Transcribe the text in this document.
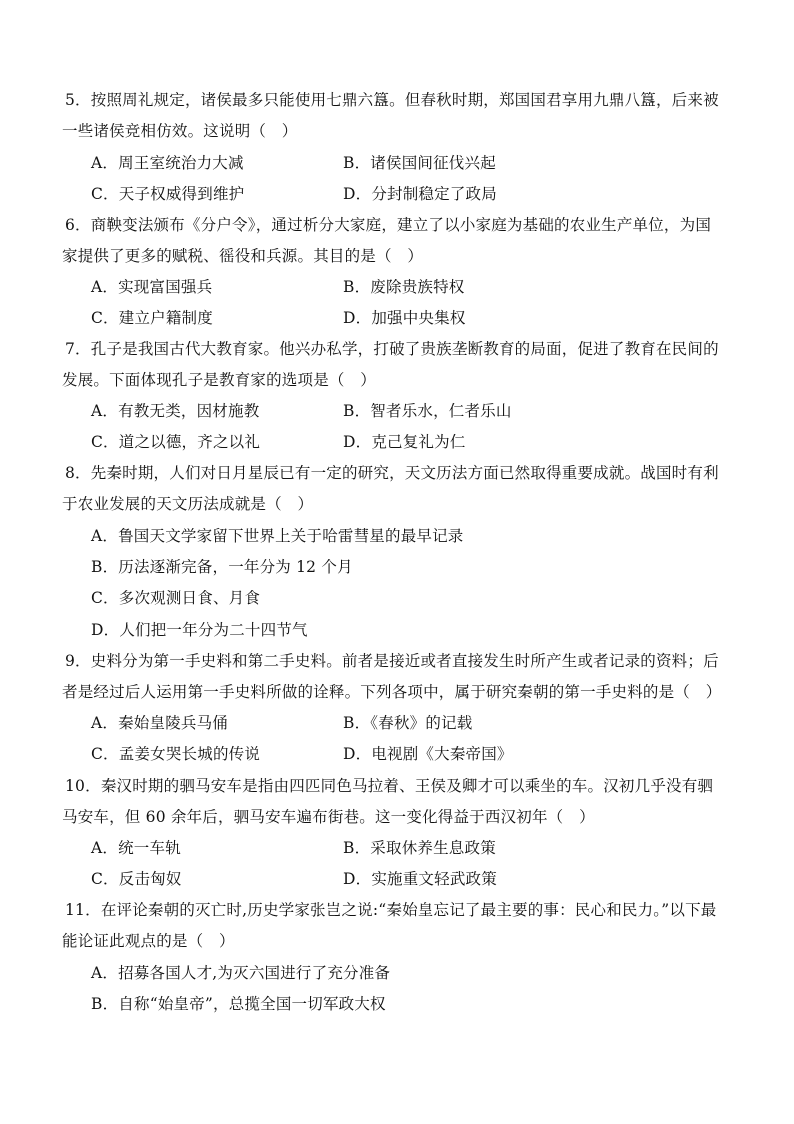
5．按照周礼规定，诸侯最多只能使用七鼎六簋。但春秋时期，郑国国君享用九鼎八簋，后来被
一些诸侯竞相仿效。这说明（　）
A．周王室统治力大减	B．诸侯国间征伐兴起
C．天子权威得到维护	D．分封制稳定了政局
6．商鞅变法颁布《分户令》，通过析分大家庭，建立了以小家庭为基础的农业生产单位，为国
家提供了更多的赋税、徭役和兵源。其目的是（　）
A．实现富国强兵	B．废除贵族特权
C．建立户籍制度	D．加强中央集权
7．孔子是我国古代大教育家。他兴办私学，打破了贵族垄断教育的局面，促进了教育在民间的
发展。下面体现孔子是教育家的选项是（　）
A．有教无类，因材施教	B．智者乐水，仁者乐山
C．道之以德，齐之以礼	D．克己复礼为仁
8．先秦时期，人们对日月星辰已有一定的研究，天文历法方面已然取得重要成就。战国时有利
于农业发展的天文历法成就是（　）
A．鲁国天文学家留下世界上关于哈雷彗星的最早记录
B．历法逐渐完备，一年分为 12 个月
C．多次观测日食、月食
D．人们把一年分为二十四节气
9．史料分为第一手史料和第二手史料。前者是接近或者直接发生时所产生或者记录的资料；后
者是经过后人运用第一手史料所做的诠释。下列各项中，属于研究秦朝的第一手史料的是（　）
A．秦始皇陵兵马俑	B．《春秋》的记载
C．孟姜女哭长城的传说	D．电视剧《大秦帝国》
10．秦汉时期的驷马安车是指由四匹同色马拉着、王侯及卿才可以乘坐的车。汉初几乎没有驷
马安车，但 60 余年后，驷马安车遍布街巷。这一变化得益于西汉初年（　）
A．统一车轨	B．采取休养生息政策
C．反击匈奴	D．实施重文轻武政策
11．在评论秦朝的灭亡时,历史学家张岂之说:“秦始皇忘记了最主要的事：民心和民力。”以下最
能论证此观点的是（　）
A．招募各国人才,为灭六国进行了充分准备
B．自称“始皇帝”，总揽全国一切军政大权
